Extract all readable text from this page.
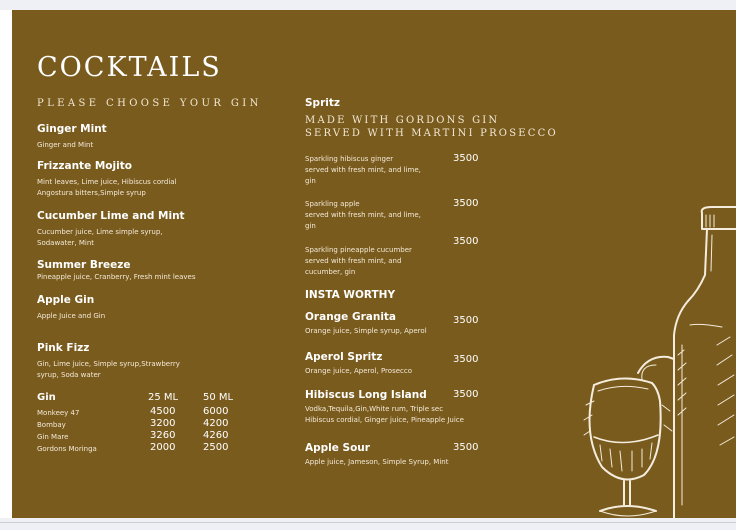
COCKTAILS
PLEASE CHOOSE YOUR GIN
Ginger Mint
Ginger and Mint
Frizzante Mojito
Mint leaves, Lime juice, Hibiscus cordial
Angostura bitters,Simple syrup
Cucumber Lime and Mint
Cucumber juice, Lime simple syrup,
Sodawater, Mint
Summer Breeze
Pineapple juice, Cranberry, Fresh mint leaves
Apple Gin
Apple Juice and Gin
Pink Fizz
Gin, Lime juice, Simple syrup,Strawberry
syrup, Soda water
Gin	25 ML 50 ML
Monkeey 47	4500	6000
Bombay	3200	4200
Gin Mare	3260	4260
Gordons Moringa	2000	2500
Spritz
MADE WITH GORDONS GIN
SERVED WITH MARTINI PROSECCO
Sparkling hibiscus ginger
served with fresh mint, and lime,
gin
3500
Sparkling apple
served with fresh mint, and lime,
gin
3500
Sparkling pineapple cucumber
served with fresh mint, and
cucumber, gin
3500
INSTA WORTHY
Orange Granita
Orange juice, Simple syrup, Aperol
3500
Aperol Spritz
Orange juice, Aperol, Prosecco
3500
Hibiscus Long Island
Vodka,Tequila,Gin,White rum, Triple sec
Hibiscus cordial, Ginger juice, Pineapple Juice
3500
Apple Sour
Apple juice, Jameson, Simple Syrup, Mint
3500
